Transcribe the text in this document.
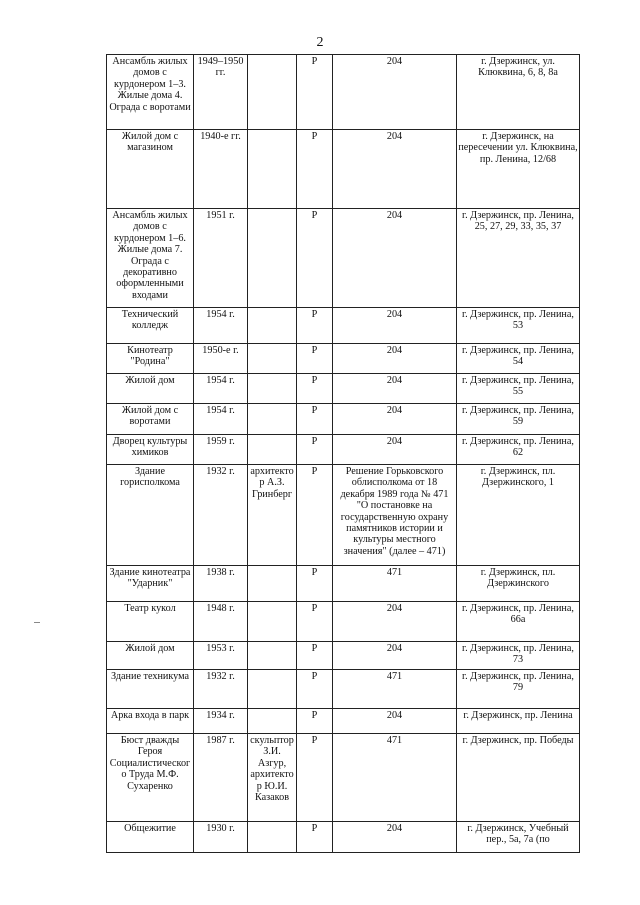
2
Ансамбль жилых домов с курдонером 1–3. Жилые дома 4. Ограда с воротами	1949–1950 гг.		Р	204	г. Дзержинск, ул. Клюквина, 6, 8, 8а
Жилой дом с магазином	1940-е гг.		Р	204	г. Дзержинск, на пересечении ул. Клюквина, пр. Ленина, 12/68
Ансамбль жилых домов с курдонером 1–6. Жилые дома 7. Ограда с декоративно оформленными входами	1951 г.		Р	204	г. Дзержинск, пр. Ленина, 25, 27, 29, 33, 35, 37
Технический колледж	1954 г.		Р	204	г. Дзержинск, пр. Ленина, 53
Кинотеатр "Родина"	1950-е г.		Р	204	г. Дзержинск, пр. Ленина, 54
Жилой дом	1954 г.		Р	204	г. Дзержинск, пр. Ленина, 55
Жилой дом с воротами	1954 г.		Р	204	г. Дзержинск, пр. Ленина, 59
Дворец культуры химиков	1959 г.		Р	204	г. Дзержинск, пр. Ленина, 62
Здание горисполкома	1932 г.	архитектор А.З. Гринберг	Р	Решение Горьковского облисполкома от 18 декабря 1989 года № 471 "О постановке на государственную охрану памятников истории и культуры местного значения" (далее – 471)	г. Дзержинск, пл. Дзержинского, 1
Здание кинотеатра "Ударник"	1938 г.		Р	471	г. Дзержинск, пл. Дзержинского
Театр кукол	1948 г.		Р	204	г. Дзержинск, пр. Ленина, 66а
Жилой дом	1953 г.		Р	204	г. Дзержинск, пр. Ленина, 73
Здание техникума	1932 г.		Р	471	г. Дзержинск, пр. Ленина, 79
Арка входа в парк	1934 г.		Р	204	г. Дзержинск, пр. Ленина
Бюст дважды Героя Социалистического Труда М.Ф. Сухаренко	1987 г.	скульптор З.И. Азгур, архитектор Ю.И. Казаков	Р	471	г. Дзержинск, пр. Победы
Общежитие	1930 г.		Р	204	г. Дзержинск, Учебный пер., 5а, 7а (по
